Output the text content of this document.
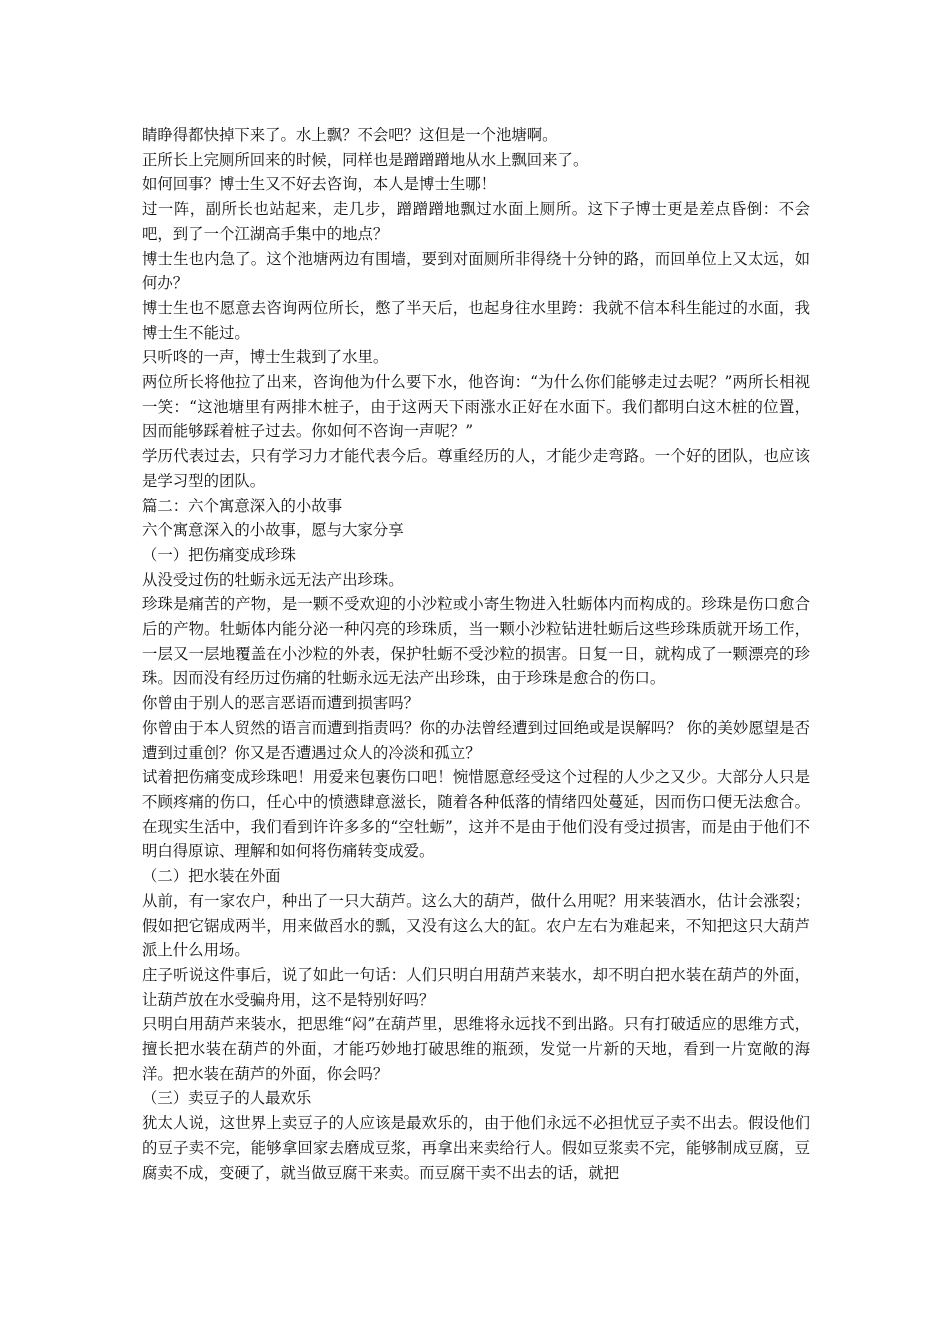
睛睁得都快掉下来了。水上飘？不会吧？这但是一个池塘啊。

正所长上完厕所回来的时候，同样也是蹭蹭蹭地从水上飘回来了。

如何回事？博士生又不好去咨询，本人是博士生哪！

过一阵，副所长也站起来，走几步，蹭蹭蹭地飘过水面上厕所。这下子博士更是差点昏倒：不会吧，到了一个江湖高手集中的地点？

博士生也内急了。这个池塘两边有围墙，要到对面厕所非得绕十分钟的路，而回单位上又太远，如何办？

博士生也不愿意去咨询两位所长，憋了半天后，也起身往水里跨：我就不信本科生能过的水面，我博士生不能过。

只听咚的一声，博士生栽到了水里。

两位所长将他拉了出来，咨询他为什么要下水，他咨询：“为什么你们能够走过去呢？”两所长相视一笑：“这池塘里有两排木桩子，由于这两天下雨涨水正好在水面下。我们都明白这木桩的位置，因而能够踩着桩子过去。你如何不咨询一声呢？”

学历代表过去，只有学习力才能代表今后。尊重经历的人，才能少走弯路。一个好的团队，也应该是学习型的团队。

篇二：六个寓意深入的小故事

六个寓意深入的小故事，愿与大家分享

（一）把伤痛变成珍珠

从没受过伤的牡蛎永远无法产出珍珠。

珍珠是痛苦的产物，是一颗不受欢迎的小沙粒或小寄生物进入牡蛎体内而构成的。珍珠是伤口愈合后的产物。牡蛎体内能分泌一种闪亮的珍珠质，当一颗小沙粒钻进牡蛎后这些珍珠质就开场工作，一层又一层地覆盖在小沙粒的外表，保护牡蛎不受沙粒的损害。日复一日，就构成了一颗漂亮的珍珠。因而没有经历过伤痛的牡蛎永远无法产出珍珠，由于珍珠是愈合的伤口。

你曾由于别人的恶言恶语而遭到损害吗？

你曾由于本人贸然的语言而遭到指责吗？你的办法曾经遭到过回绝或是误解吗？ 你的美妙愿望是否遭到过重创？你又是否遭遇过众人的冷淡和孤立？

试着把伤痛变成珍珠吧！用爱来包裹伤口吧！惋惜愿意经受这个过程的人少之又少。大部分人只是不顾疼痛的伤口，任心中的愤懑肆意滋长，随着各种低落的情绪四处蔓延，因而伤口便无法愈合。在现实生活中，我们看到许许多多的“空牡蛎”，这并不是由于他们没有受过损害，而是由于他们不明白得原谅、理解和如何将伤痛转变成爱。

（二）把水装在外面

从前，有一家农户，种出了一只大葫芦。这么大的葫芦，做什么用呢？用来装酒水，估计会涨裂；假如把它锯成两半，用来做舀水的瓢，又没有这么大的缸。农户左右为难起来，不知把这只大葫芦派上什么用场。

庄子听说这件事后，说了如此一句话：人们只明白用葫芦来装水，却不明白把水装在葫芦的外面，让葫芦放在水受骗舟用，这不是特别好吗？

只明白用葫芦来装水，把思维“闷”在葫芦里，思维将永远找不到出路。只有打破适应的思维方式，擅长把水装在葫芦的外面，才能巧妙地打破思维的瓶颈，发觉一片新的天地，看到一片宽敞的海洋。把水装在葫芦的外面，你会吗？

（三）卖豆子的人最欢乐

犹太人说，这世界上卖豆子的人应该是最欢乐的，由于他们永远不必担忧豆子卖不出去。假设他们的豆子卖不完，能够拿回家去磨成豆浆，再拿出来卖给行人。假如豆浆卖不完，能够制成豆腐，豆腐卖不成，变硬了，就当做豆腐干来卖。而豆腐干卖不出去的话，就把
